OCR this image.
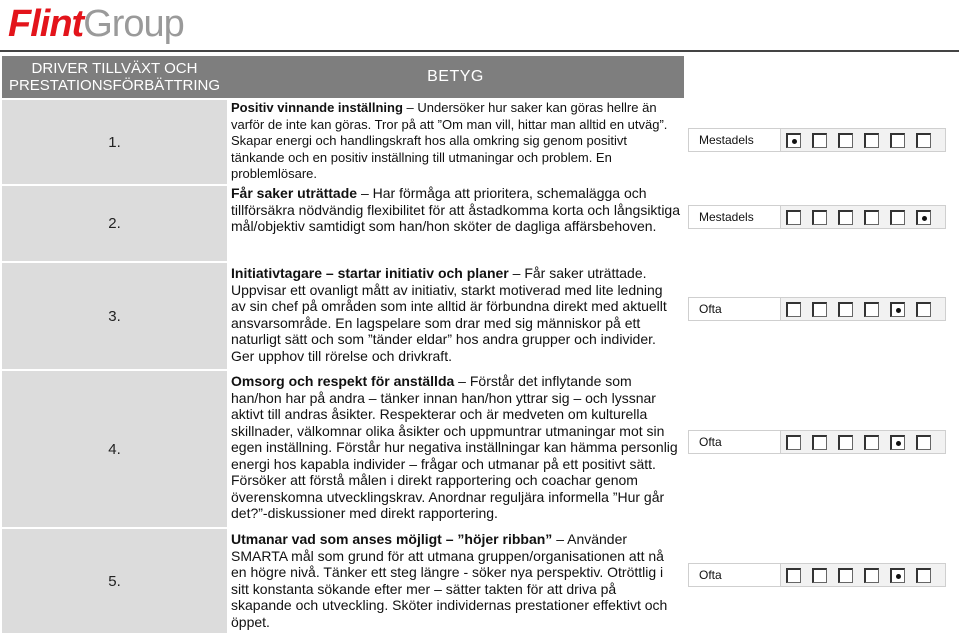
FlintGroup
DRIVER TILLVÄXT OCH PRESTATIONSFÖRBÄTTRING
1.
2.
3.
4.
5.
BETYG
Positiv vinnande inställning – Undersöker hur saker kan göras hellre än varför de inte kan göras. Tror på att ”Om man vill, hittar man alltid en utväg”. Skapar energi och handlingskraft hos alla omkring sig genom positivt tänkande och en positiv inställning till utmaningar och problem. En problemlösare.
Får saker uträttade – Har förmåga att prioritera, schemalägga och tillförsäkra nödvändig flexibilitet för att åstadkomma korta och långsiktiga mål/objektiv samtidigt som han/hon sköter de dagliga affärsbehoven.
Initiativtagare – startar initiativ och planer – Får saker uträttade. Uppvisar ett ovanligt mått av initiativ, starkt motiverad med lite ledning av sin chef på områden som inte alltid är förbundna direkt med aktuellt ansvarsområde. En lagspelare som drar med sig människor på ett naturligt sätt och som ”tänder eldar” hos andra grupper och individer. Ger upphov till rörelse och drivkraft.
Omsorg och respekt för anställda – Förstår det inflytande som han/hon har på andra – tänker innan han/hon yttrar sig – och lyssnar aktivt till andras åsikter. Respekterar och är medveten om kulturella skillnader, välkomnar olika åsikter och uppmuntrar utmaningar mot sin egen inställning. Förstår hur negativa inställningar kan hämma personlig energi hos kapabla individer – frågar och utmanar på ett positivt sätt. Försöker att förstå målen i direkt rapportering och coachar genom överenskomna utvecklingskrav. Anordnar reguljära informella ”Hur går det?”-diskussioner med direkt rapportering.
Utmanar vad som anses möjligt – ”höjer ribban” – Använder SMARTA mål som grund för att utmana gruppen/organisationen att nå en högre nivå. Tänker ett steg längre - söker nya perspektiv. Otröttlig i sitt konstanta sökande efter mer – sätter takten för att driva på skapande och utveckling. Sköter individernas prestationer effektivt och öppet.
Mestadels
Mestadels
Ofta
Ofta
Ofta
